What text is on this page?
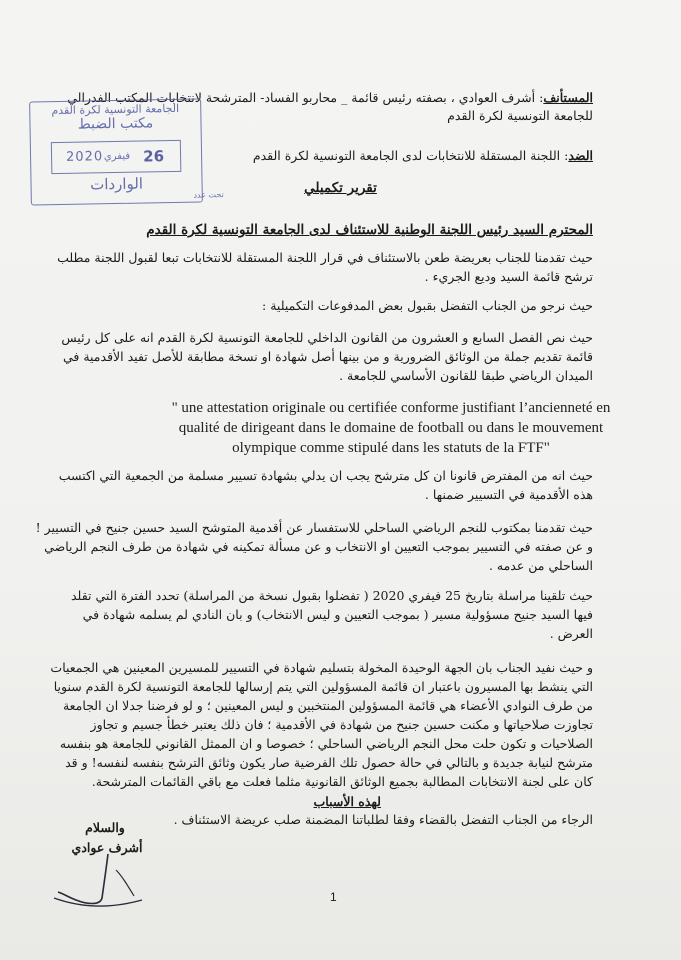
المستأنف: أشرف العوادي ، بصفته رئيس قائمة _ محاربو الفساد- المترشحة لانتخابات المكتب الفدرالي
للجامعة التونسية لكرة القدم
الضد: اللجنة المستقلة للانتخابات لدى الجامعة التونسية لكرة القدم
الجامعة التونسية لكرة القدم
مكتب الضبط
26
فيفري
2020
الواردات
تحت عدد	تقرير تكميلي
المحترم السيد رئيس اللجنة الوطنية للاستئناف لدى الجامعة التونسية لكرة القدم
حيث تقدمنا للجناب بعريضة طعن بالاستئناف في قرار اللجنة المستقلة للانتخابات تبعا لقبول اللجنة مطلب
ترشح قائمة السيد وديع الجريء .
حيث نرجو من الجناب التفضل بقبول بعض المدفوعات التكميلية :
حيث نص الفصل السابع و العشرون من القانون الداخلي للجامعة التونسية لكرة القدم انه على كل رئيس
قائمة تقديم جملة من الوثائق الضرورية و من بينها أصل شهادة او نسخة مطابقة للأصل تفيد الأقدمية في
الميدان الرياضي طبقا للقانون الأساسي للجامعة .
" une attestation originale ou certifiée conforme justifiant l’ancienneté en qualité de dirigeant dans le domaine de football ou dans le mouvement olympique comme stipulé dans les statuts de la FTF"
حيث انه من المفترض قانونا ان كل مترشح يجب ان يدلي بشهادة تسيير مسلمة من الجمعية التي اكتسب
هذه الأقدمية في التسيير ضمنها .
حيث تقدمنا بمكتوب للنجم الرياضي الساحلي للاستفسار عن أقدمية المتوشح السيد حسين جنيح في التسيير !
و عن صفته في التسيير بموجب التعيين او الانتخاب و عن مسألة تمكينه في شهادة من طرف النجم الرياضي
الساحلي من عدمه .
حيث تلقينا مراسلة بتاريخ 25 فيفري 2020 ( تفضلوا بقبول نسخة من المراسلة) تحدد الفترة التي تقلد
فيها السيد جنيح مسؤولية مسير ( بموجب التعيين و ليس الانتخاب) و بان النادي لم يسلمه شهادة في
العرض .
و حيث نفيد الجناب بان الجهة الوحيدة المخولة بتسليم شهادة في التسيير للمسيرين المعينين هي الجمعيات
التي ينشط بها المسيرون باعتبار ان قائمة المسؤولين التي يتم إرسالها للجامعة التونسية لكرة القدم سنويا
من طرف النوادي الأعضاء هي قائمة المسؤولين المنتخبين و ليس المعينين ؛ و لو فرضنا جدلا ان الجامعة
تجاوزت صلاحياتها و مكنت حسين جنيح من شهادة في الأقدمية ؛ فان ذلك يعتبر خطأ جسيم و تجاوز
الصلاحيات و تكون حلت محل النجم الرياضي الساحلي ؛ خصوصا و ان الممثل القانوني للجامعة هو بنفسه
مترشح لنيابة جديدة و بالتالي في حالة حصول تلك الفرضية صار يكون وثائق الترشح بنفسه لنفسه! و قد
كان على لجنة الانتخابات المطالبة بجميع الوثائق القانونية مثلما فعلت مع باقي القائمات المترشحة.
لهذه الأسباب
الرجاء من الجناب التفضل بالقضاء وفقا لطلباتنا المضمنة صلب عريضة الاستئناف .
والسلام
أشرف عوادي
1
